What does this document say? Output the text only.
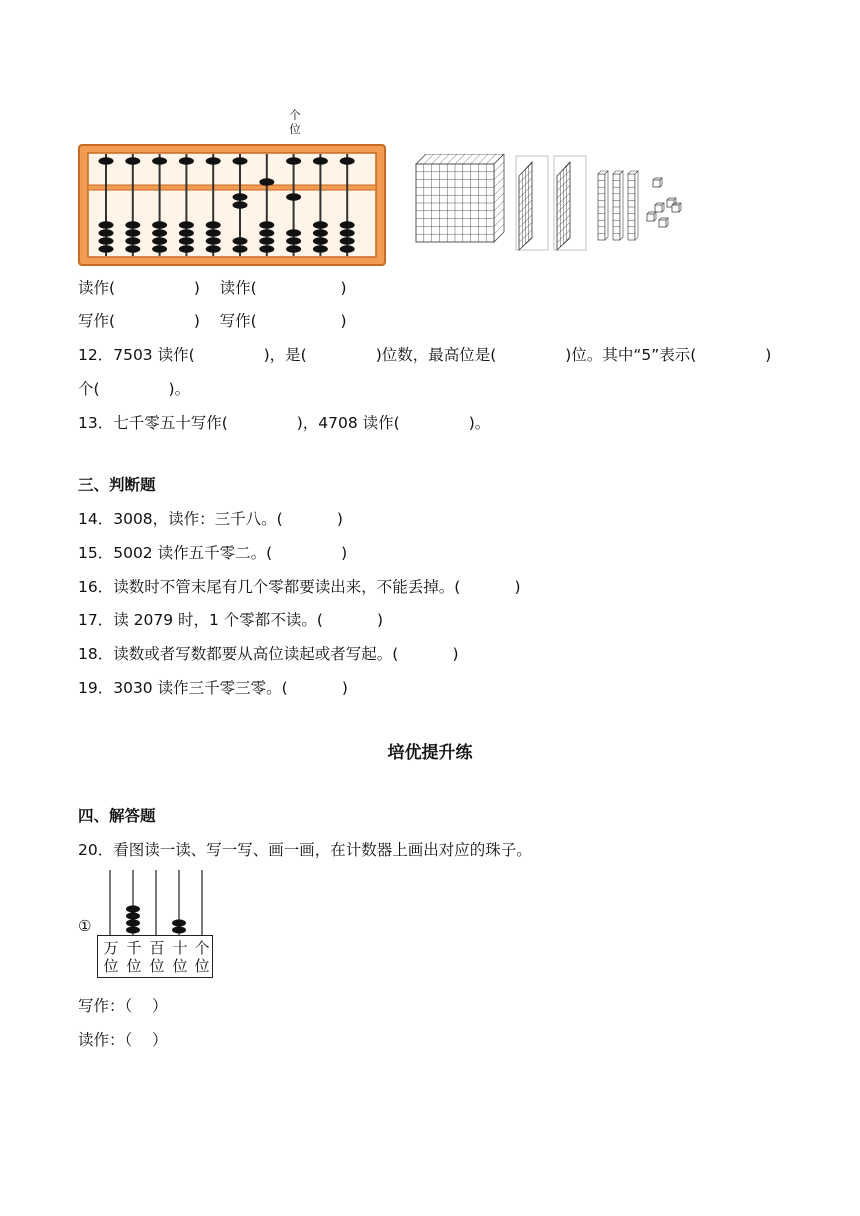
个
位
读作(                )    读作(                 )
写作(                )    写作(                 )
12．7503 读作(              )，是(              )位数，最高位是(              )位。其中“5”表示(              )
个(              )。
13．七千零五十写作(              )，4708 读作(              )。
三、判断题
14．3008，读作：三千八。(           )
15．5002 读作五千零二。(              )
16．读数时不管末尾有几个零都要读出来，不能丢掉。(           )
17．读 2079 时，1 个零都不读。(           )
18．读数或者写数都要从高位读起或者写起。(           )
19．3030 读作三千零三零。(           )
培优提升练
四、解答题
20．看图读一读、写一写、画一画，在计数器上画出对应的珠子。
①
万
位
千
位
百
位
十
位
个
位
写作：（    ）
读作：（    ）
